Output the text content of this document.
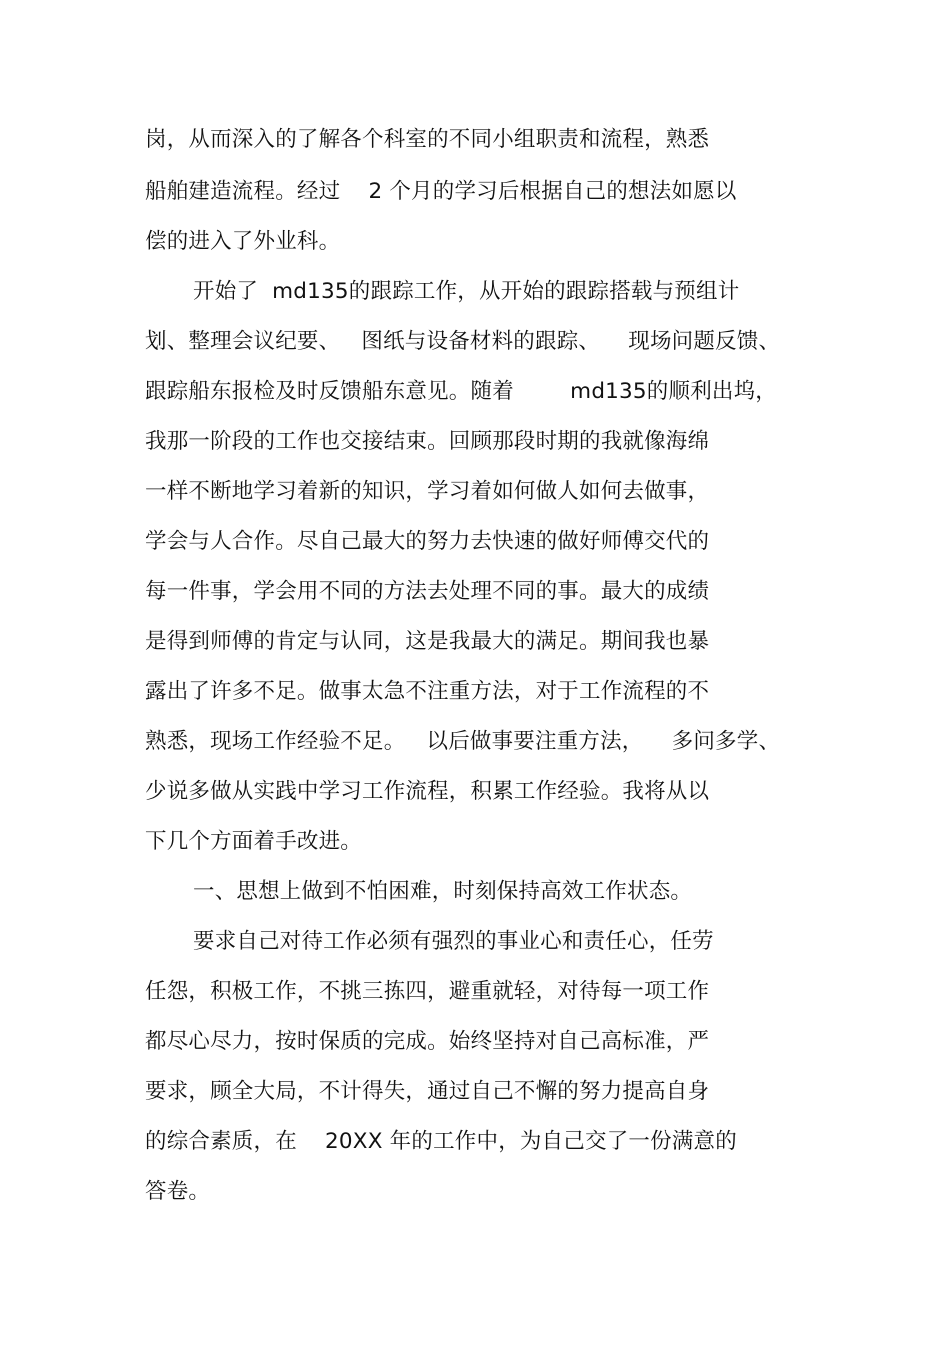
岗，从而深入的了解各个科室的不同小组职责和流程，熟悉
船舶建造流程。经过    2 个月的学习后根据自己的想法如愿以
偿的进入了外业科。
开始了  md135的跟踪工作，从开始的跟踪搭载与预组计
划、整理会议纪要、   图纸与设备材料的跟踪、    现场问题反馈、
跟踪船东报检及时反馈船东意见。随着        md135的顺利出坞，
我那一阶段的工作也交接结束。回顾那段时期的我就像海绵
一样不断地学习着新的知识，学习着如何做人如何去做事，
学会与人合作。尽自己最大的努力去快速的做好师傅交代的
每一件事，学会用不同的方法去处理不同的事。最大的成绩
是得到师傅的肯定与认同，这是我最大的满足。期间我也暴
露出了许多不足。做事太急不注重方法，对于工作流程的不
熟悉，现场工作经验不足。   以后做事要注重方法，    多问多学、
少说多做从实践中学习工作流程，积累工作经验。我将从以
下几个方面着手改进。
一、思想上做到不怕困难，时刻保持高效工作状态。
要求自己对待工作必须有强烈的事业心和责任心，任劳
任怨，积极工作，不挑三拣四，避重就轻，对待每一项工作
都尽心尽力，按时保质的完成。始终坚持对自己高标准，严
要求，顾全大局，不计得失，通过自己不懈的努力提高自身
的综合素质，在    20XX 年的工作中，为自己交了一份满意的
答卷。
